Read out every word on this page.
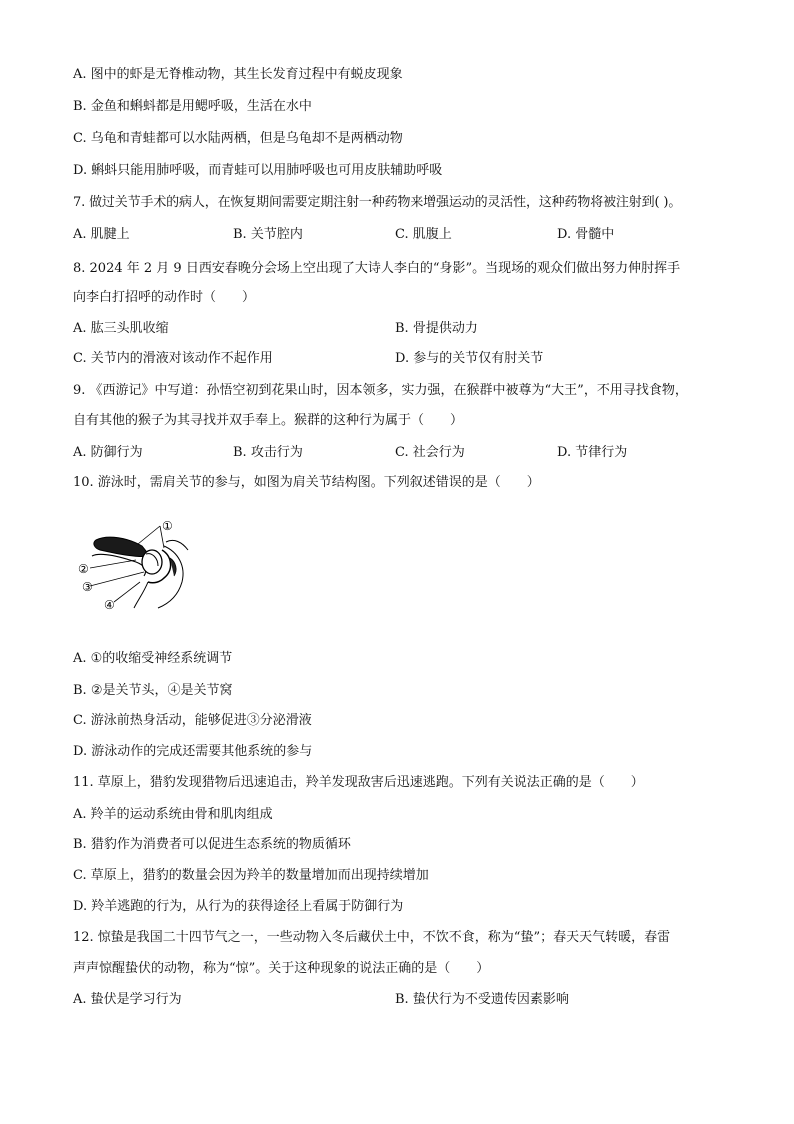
A. 图中的虾是无脊椎动物，其生长发育过程中有蜕皮现象
B. 金鱼和蝌蚪都是用鳃呼吸，生活在水中
C. 乌龟和青蛙都可以水陆两栖，但是乌龟却不是两栖动物
D. 蝌蚪只能用肺呼吸，而青蛙可以用肺呼吸也可用皮肤辅助呼吸
7. 做过关节手术的病人，在恢复期间需要定期注射一种药物来增强运动的灵活性，这种药物将被注射到( )。
A. 肌腱上	B. 关节腔内	C. 肌腹上	D. 骨髓中
8. 2024 年 2 月 9 日西安春晚分会场上空出现了大诗人李白的“身影”。当现场的观众们做出努力伸肘挥手
向李白打招呼的动作时（　　）
A. 肱三头肌收缩	B. 骨提供动力
C. 关节内的滑液对该动作不起作用	D. 参与的关节仅有肘关节
9. 《西游记》中写道：孙悟空初到花果山时，因本领多，实力强，在猴群中被尊为“大王”，不用寻找食物，
自有其他的猴子为其寻找并双手奉上。猴群的这种行为属于（　　）
A. 防御行为	B. 攻击行为	C. 社会行为	D. 节律行为
10. 游泳时，需肩关节的参与，如图为肩关节结构图。下列叙述错误的是（　　）
①
②
③
④
A. ①的收缩受神经系统调节
B. ②是关节头，④是关节窝
C. 游泳前热身活动，能够促进③分泌滑液
D. 游泳动作的完成还需要其他系统的参与
11. 草原上，猎豹发现猎物后迅速追击，羚羊发现敌害后迅速逃跑。下列有关说法正确的是（　　）
A. 羚羊的运动系统由骨和肌肉组成
B. 猎豹作为消费者可以促进生态系统的物质循环
C. 草原上，猎豹的数量会因为羚羊的数量增加而出现持续增加
D. 羚羊逃跑的行为，从行为的获得途径上看属于防御行为
12. 惊蛰是我国二十四节气之一，一些动物入冬后藏伏土中，不饮不食，称为“蛰”；春天天气转暖，春雷
声声惊醒蛰伏的动物，称为“惊”。关于这种现象的说法正确的是（　　）
A. 蛰伏是学习行为	B. 蛰伏行为不受遗传因素影响
